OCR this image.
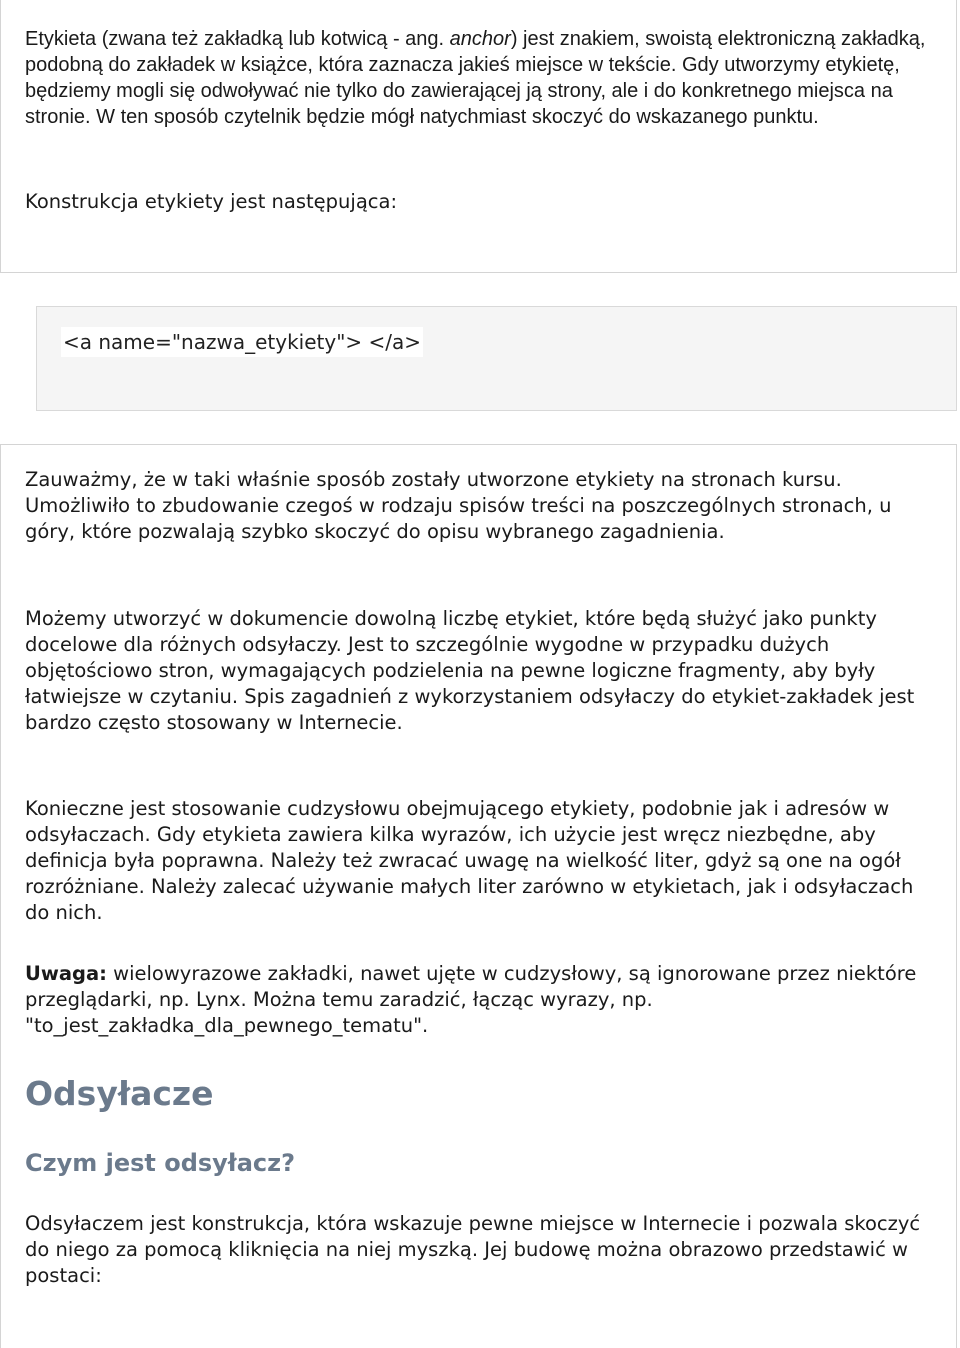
Etykieta (zwana też zakładką lub kotwicą - ang. anchor) jest znakiem, swoistą elektroniczną zakładką, podobną do zakładek w książce, która zaznacza jakieś miejsce w tekście. Gdy utworzymy etykietę, będziemy mogli się odwoływać nie tylko do zawierającej ją strony, ale i do konkretnego miejsca na stronie. W ten sposób czytelnik będzie mógł natychmiast skoczyć do wskazanego punktu.

Konstrukcja etykiety jest następująca:

<a name="nazwa_etykiety"> </a>

Zauważmy, że w taki właśnie sposób zostały utworzone etykiety na stronach kursu. Umożliwiło to zbudowanie czegoś w rodzaju spisów treści na poszczególnych stronach, u góry, które pozwalają szybko skoczyć do opisu wybranego zagadnienia.

Możemy utworzyć w dokumencie dowolną liczbę etykiet, które będą służyć jako punkty docelowe dla różnych odsyłaczy. Jest to szczególnie wygodne w przypadku dużych objętościowo stron, wymagających podzielenia na pewne logiczne fragmenty, aby były łatwiejsze w czytaniu. Spis zagadnień z wykorzystaniem odsyłaczy do etykiet-zakładek jest bardzo często stosowany w Internecie.

Konieczne jest stosowanie cudzysłowu obejmującego etykiety, podobnie jak i adresów w odsyłaczach. Gdy etykieta zawiera kilka wyrazów, ich użycie jest wręcz niezbędne, aby definicja była poprawna. Należy też zwracać uwagę na wielkość liter, gdyż są one na ogół rozróżniane. Należy zalecać używanie małych liter zarówno w etykietach, jak i odsyłaczach do nich.

Uwaga: wielowyrazowe zakładki, nawet ujęte w cudzysłowy, są ignorowane przez niektóre przeglądarki, np. Lynx. Można temu zaradzić, łącząc wyrazy, np. "to_jest_zakładka_dla_pewnego_tematu".

Odsyłacze
Czym jest odsyłacz?

Odsyłaczem jest konstrukcja, która wskazuje pewne miejsce w Internecie i pozwala skoczyć do niego za pomocą kliknięcia na niej myszką. Jej budowę można obrazowo przedstawić w postaci:
